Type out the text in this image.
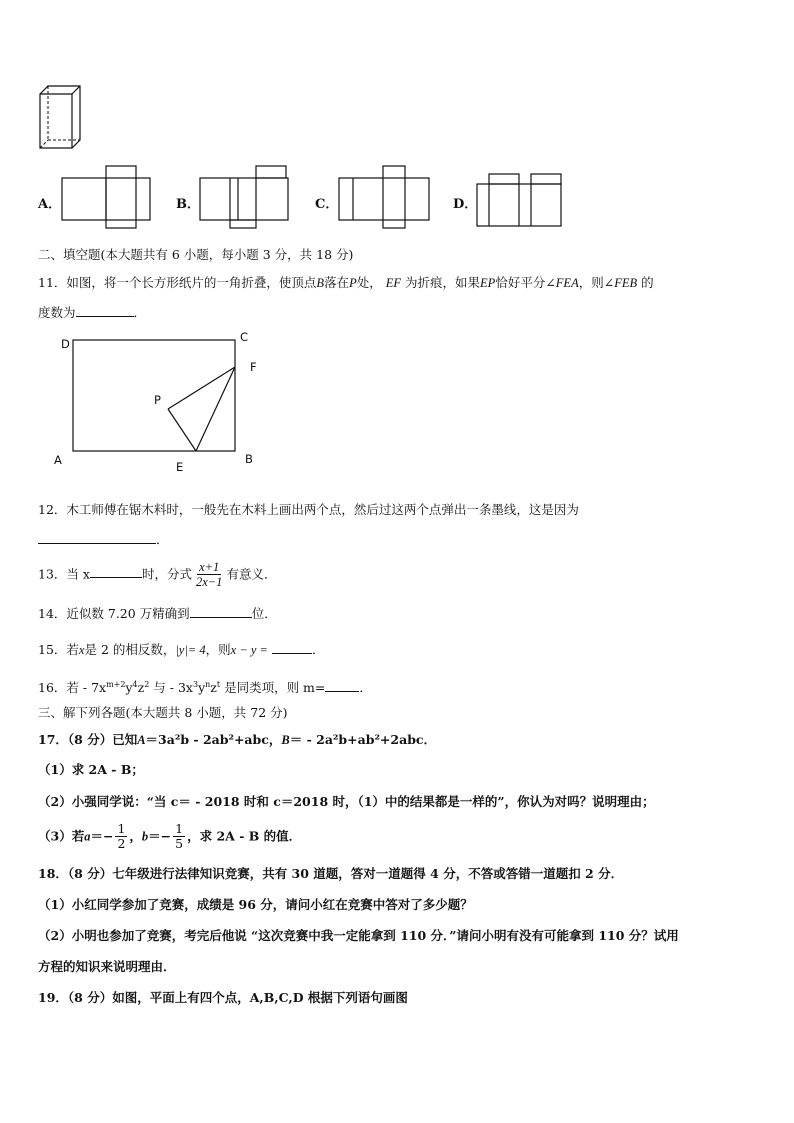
A．	B．	C．	D．
二、填空题(本大题共有 6 小题，每小题 3 分，共 18 分)
11．如图，将一个长方形纸片的一角折叠，使顶点B落在P处， EF 为折痕，如果EP恰好平分∠FEA，则∠FEB 的
度数为	．
D	C
F
P
A	E
B
12．木工师傅在锯木料时，一般先在木料上画出两个点，然后过这两个点弹出一条墨线，这是因为
．
13．当 x	时，分式 $\frac{x+1}{2x-1}$ 有意义．
14．近似数 7.20 万精确到	位．
15．若x是 2 的相反数，|y|= 4，则x − y =	．
16．若 - $7x^{m+2}y^4z^2$ 与 - $3x^3y^nz^t$ 是同类项，则 m=	．
三、解下列各题(本大题共 8 小题，共 72 分)
17．（8 分）已知A＝3a²b - 2ab²+abc，B＝ - 2a²b+ab²+2abc．
（1）求 2A - B；
（2）小强同学说：“当 c＝ - 2018 时和 c＝2018 时，（1）中的结果都是一样的”，你认为对吗？说明理由；
（3）若$a=- \frac{1}{2}$ ，$b=- \frac{1}{5}$ ，求 2A - B 的值．
18．（8 分）七年级进行法律知识竞赛，共有 30 道题，答对一道题得 4 分，不答或答错一道题扣 2 分．
（1）小红同学参加了竞赛，成绩是 96 分，请问小红在竞赛中答对了多少题？
（2）小明也参加了竞赛，考完后他说 “这次竞赛中我一定能拿到 110 分．”请问小明有没有可能拿到 110 分？试用
方程的知识来说明理由．
19．（8 分）如图，平面上有四个点，A,B,C,D 根据下列语句画图
